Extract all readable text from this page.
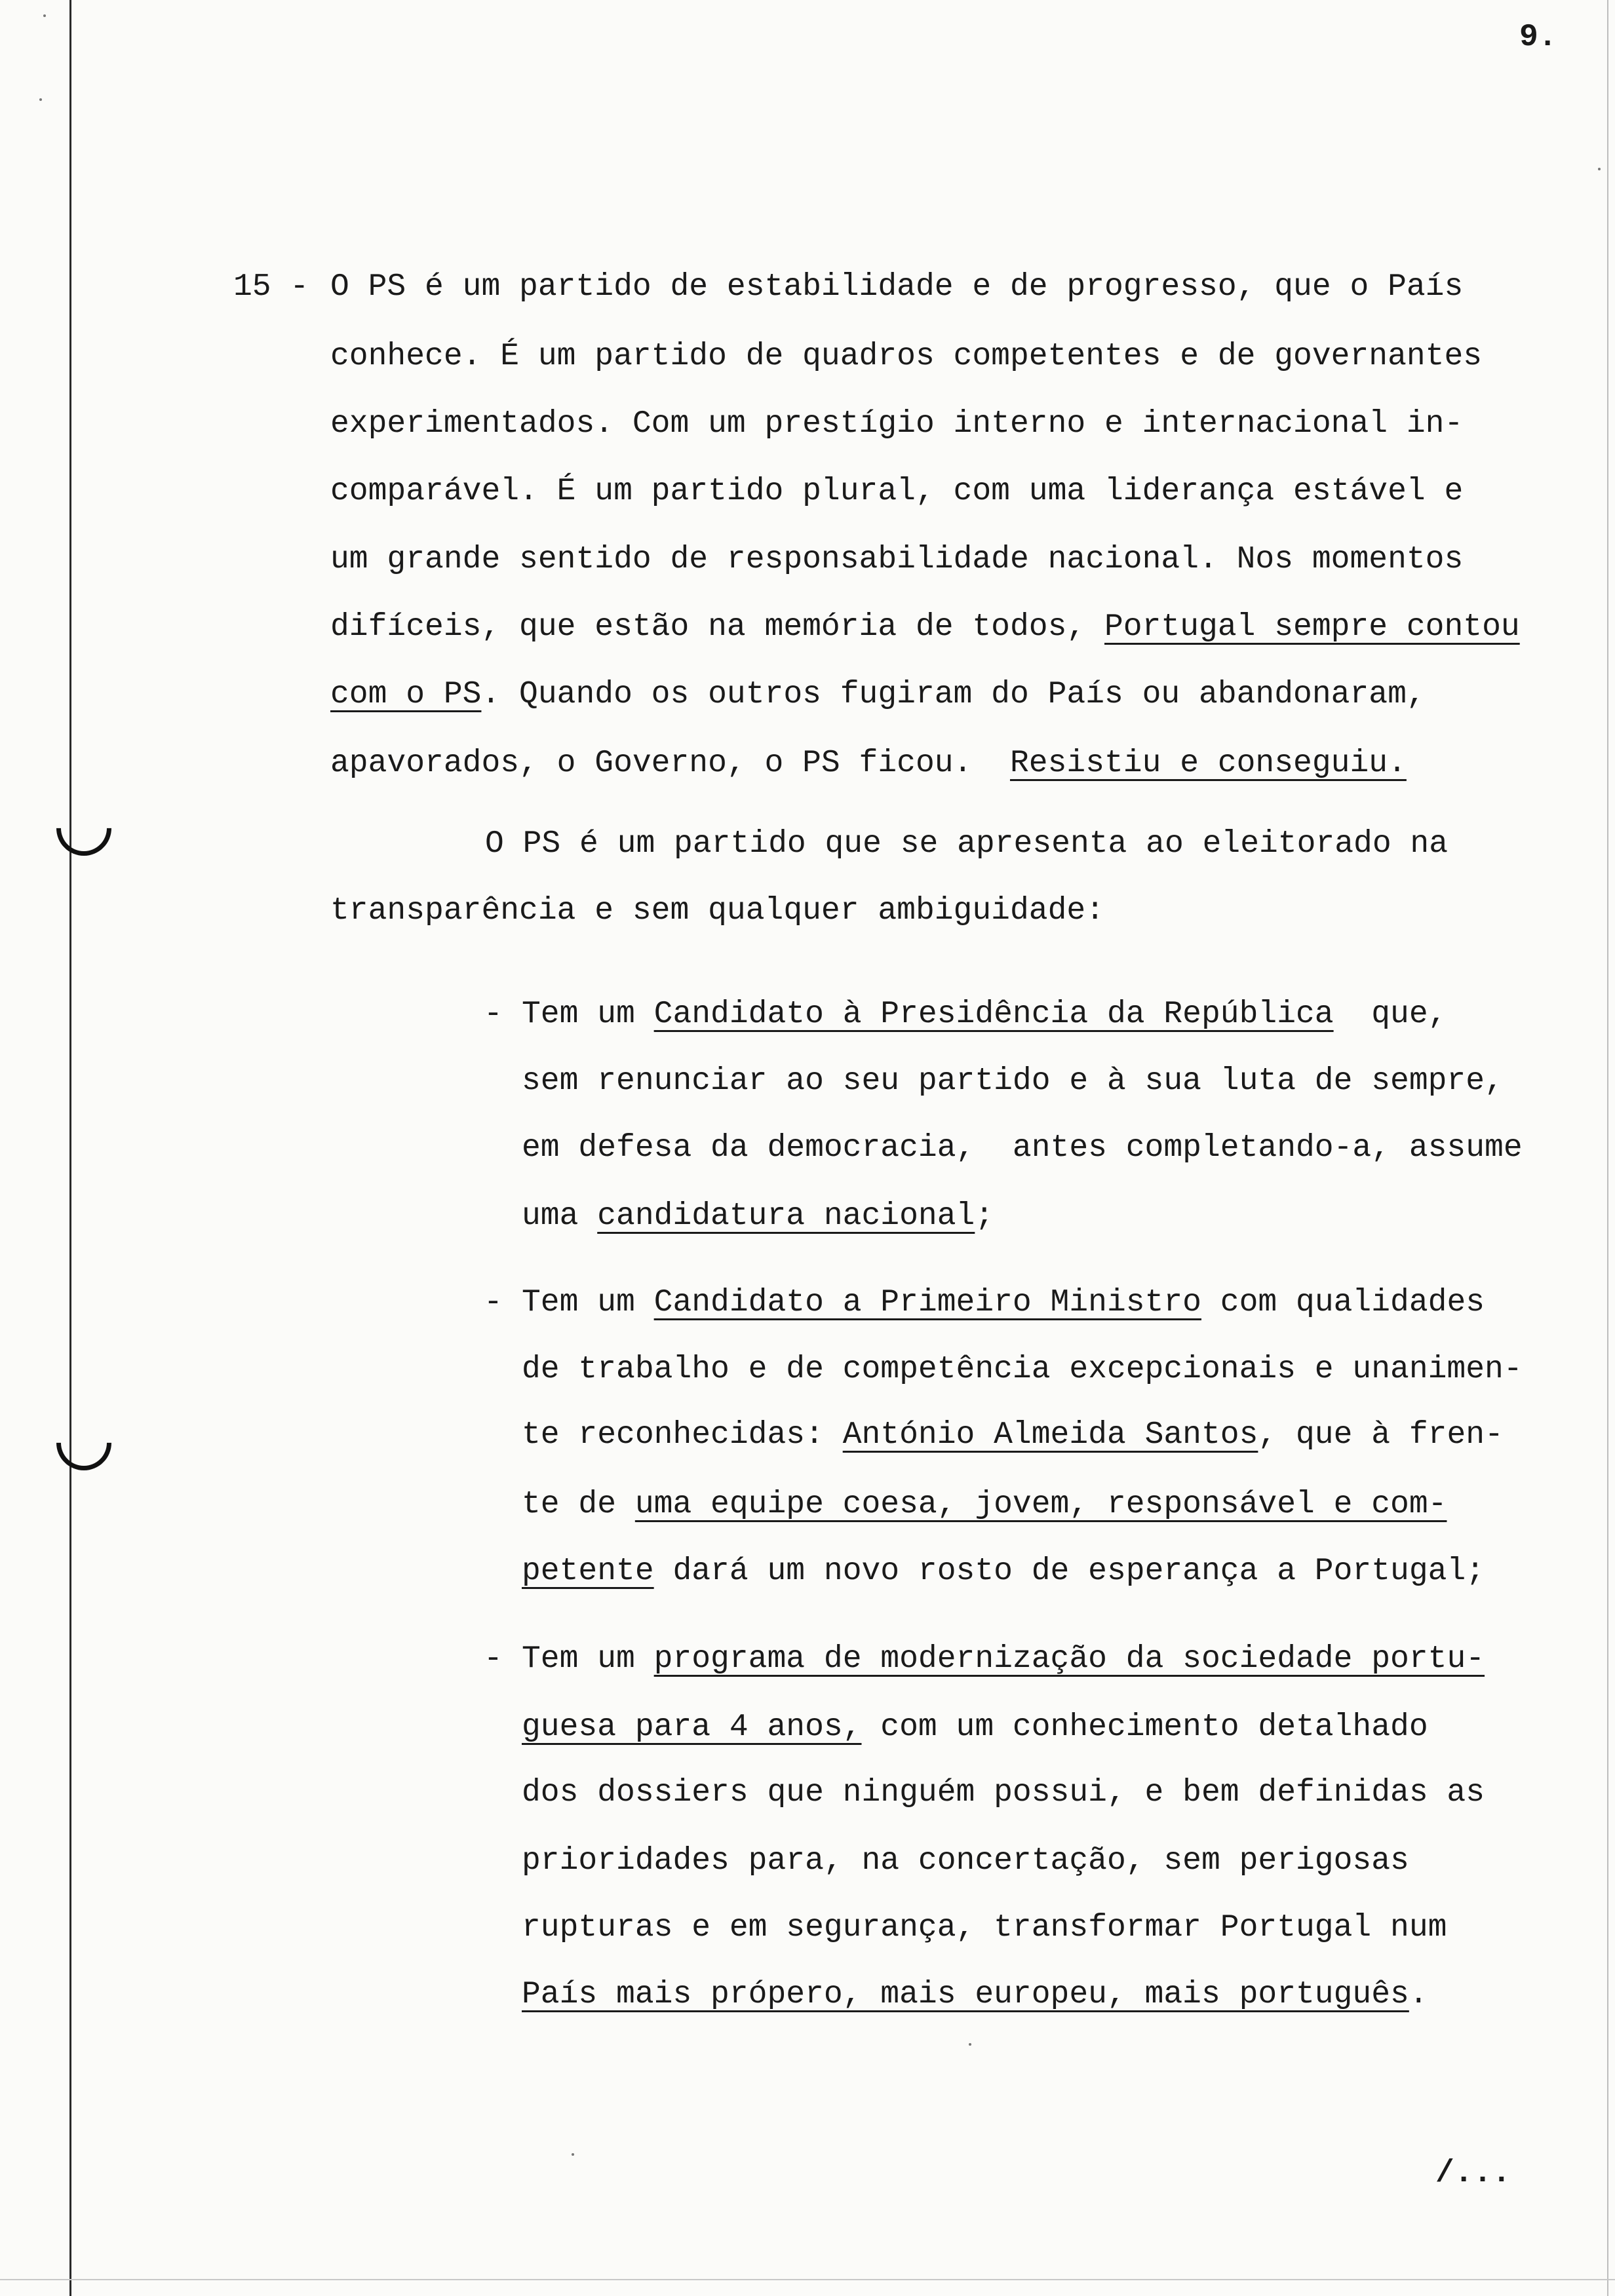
9.
15 - O PS é um partido de estabilidade e de progresso, que o País
conhece. É um partido de quadros competentes e de governantes
experimentados. Com um prestígio interno e internacional in-
comparável. É um partido plural, com uma liderança estável e
um grande sentido de responsabilidade nacional. Nos momentos
difíceis, que estão na memória de todos, Portugal sempre contou
com o PS. Quando os outros fugiram do País ou abandonaram,
apavorados, o Governo, o PS ficou.  Resistiu e conseguiu.
O PS é um partido que se apresenta ao eleitorado na
transparência e sem qualquer ambiguidade:
- Tem um Candidato à Presidência da República  que,
sem renunciar ao seu partido e à sua luta de sempre,
em defesa da democracia,  antes completando-a, assume
uma candidatura nacional;
- Tem um Candidato a Primeiro Ministro com qualidades
de trabalho e de competência excepcionais e unanimen-
te reconhecidas: António Almeida Santos, que à fren-
te de uma equipe coesa, jovem, responsável e com-
petente dará um novo rosto de esperança a Portugal;
- Tem um programa de modernização da sociedade portu-
guesa para 4 anos, com um conhecimento detalhado
dos dossiers que ninguém possui, e bem definidas as
prioridades para, na concertação, sem perigosas
rupturas e em segurança, transformar Portugal num
País mais própero, mais europeu, mais português.
/...
